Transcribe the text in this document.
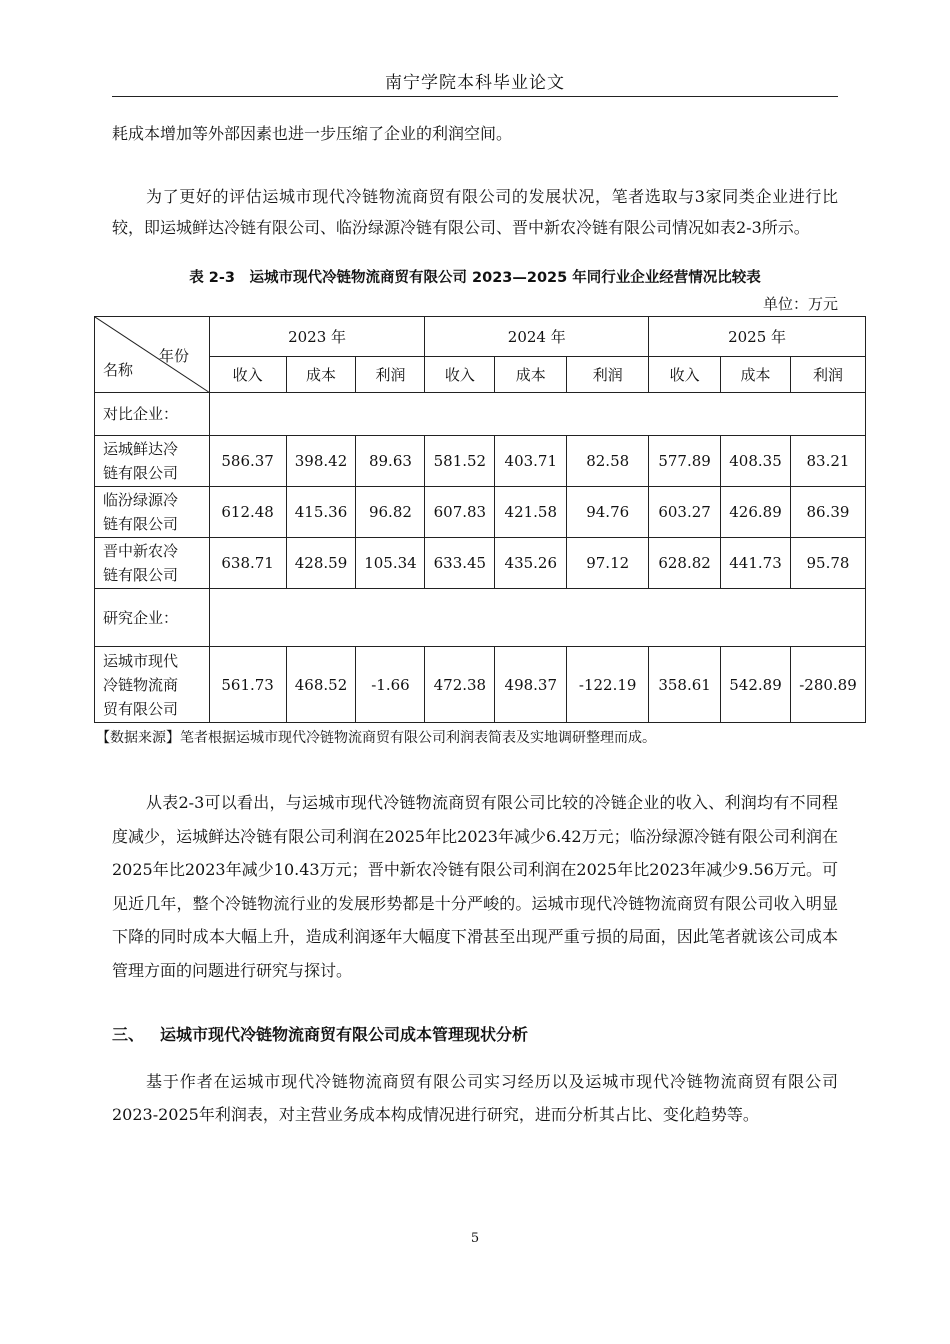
南宁学院本科毕业论文

耗成本增加等外部因素也进一步压缩了企业的利润空间。

为了更好的评估运城市现代冷链物流商贸有限公司的发展状况，笔者选取与3家同类企业进行比较，即运城鲜达冷链有限公司、临汾绿源冷链有限公司、晋中新农冷链有限公司情况如表2-3所示。

表 2-3　运城市现代冷链物流商贸有限公司 2023—2025 年同行业企业经营情况比较表
单位：万元
名称
年份	2023 年			2024 年			2025 年		
	收入	成本	利润	收入	成本	利润	收入	成本	利润
对比企业：									

运城鲜达冷
链有限公司	586.37	398.42	89.63	581.52	403.71	82.58	577.89	408.35	83.21

临汾绿源冷
链有限公司	612.48	415.36	96.82	607.83	421.58	94.76	603.27	426.89	86.39

晋中新农冷
链有限公司	638.71	428.59	105.34	633.45	435.26	97.12	628.82	441.73	95.78
研究企业：									

运城市现代
冷链物流商
贸有限公司	561.73	468.52	-1.66	472.38	498.37	-122.19	358.61	542.89	-280.89
【数据来源】笔者根据运城市现代冷链物流商贸有限公司利润表简表及实地调研整理而成。

从表2-3可以看出，与运城市现代冷链物流商贸有限公司比较的冷链企业的收入、利润均有不同程度减少，运城鲜达冷链有限公司利润在2025年比2023年减少6.42万元；临汾绿源冷链有限公司利润在2025年比2023年减少10.43万元；晋中新农冷链有限公司利润在2025年比2023年减少9.56万元。可见近几年，整个冷链物流行业的发展形势都是十分严峻的。运城市现代冷链物流商贸有限公司收入明显下降的同时成本大幅上升，造成利润逐年大幅度下滑甚至出现严重亏损的局面，因此笔者就该公司成本管理方面的问题进行研究与探讨。

三、 运城市现代冷链物流商贸有限公司成本管理现状分析

基于作者在运城市现代冷链物流商贸有限公司实习经历以及运城市现代冷链物流商贸有限公司2023-2025年利润表，对主营业务成本构成情况进行研究，进而分析其占比、变化趋势等。

5
